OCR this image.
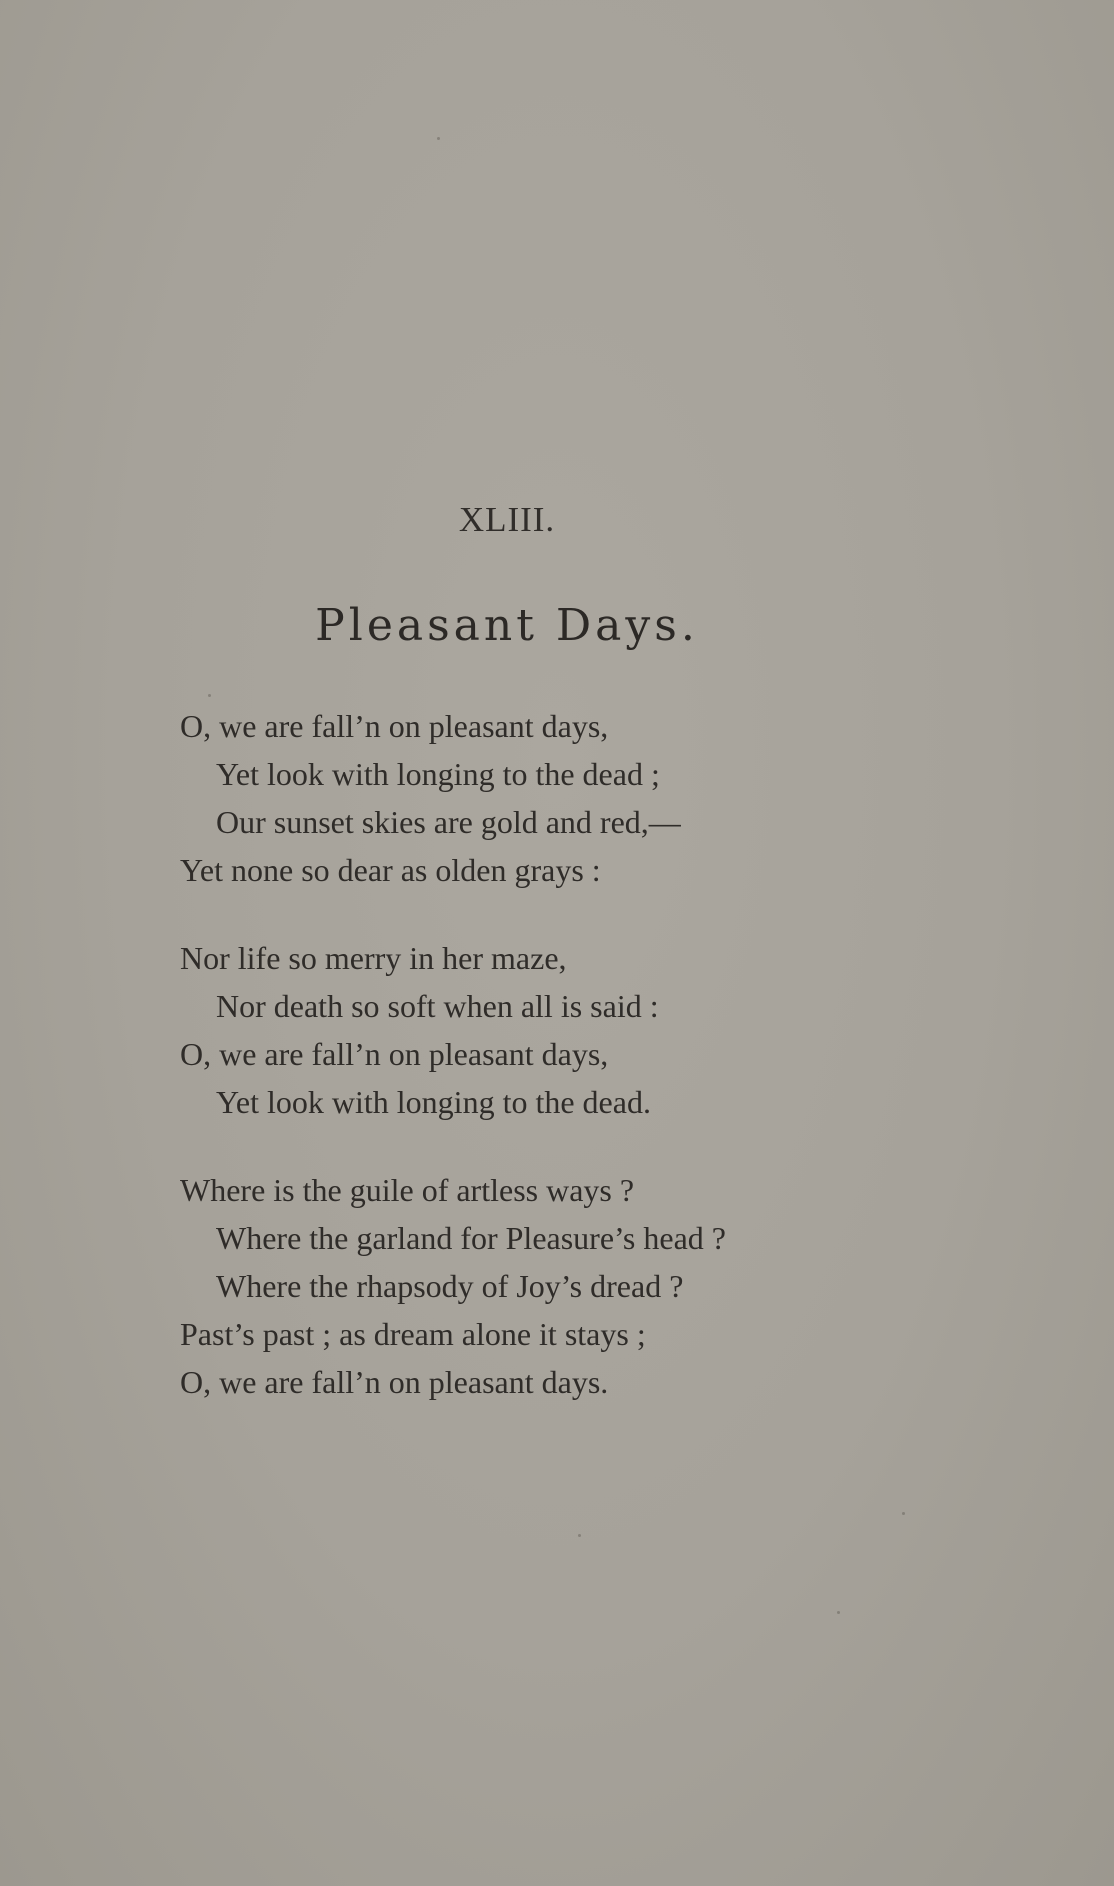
XLIII.
Pleasant Days.
O, we are fall’n on pleasant days,
Yet look with longing to the dead ;
Our sunset skies are gold and red,—
Yet none so dear as olden grays :
Nor life so merry in her maze,
Nor death so soft when all is said :
O, we are fall’n on pleasant days,
Yet look with longing to the dead.
Where is the guile of artless ways ?
Where the garland for Pleasure’s head ?
Where the rhapsody of Joy’s dread ?
Past’s past ; as dream alone it stays ;
O, we are fall’n on pleasant days.
